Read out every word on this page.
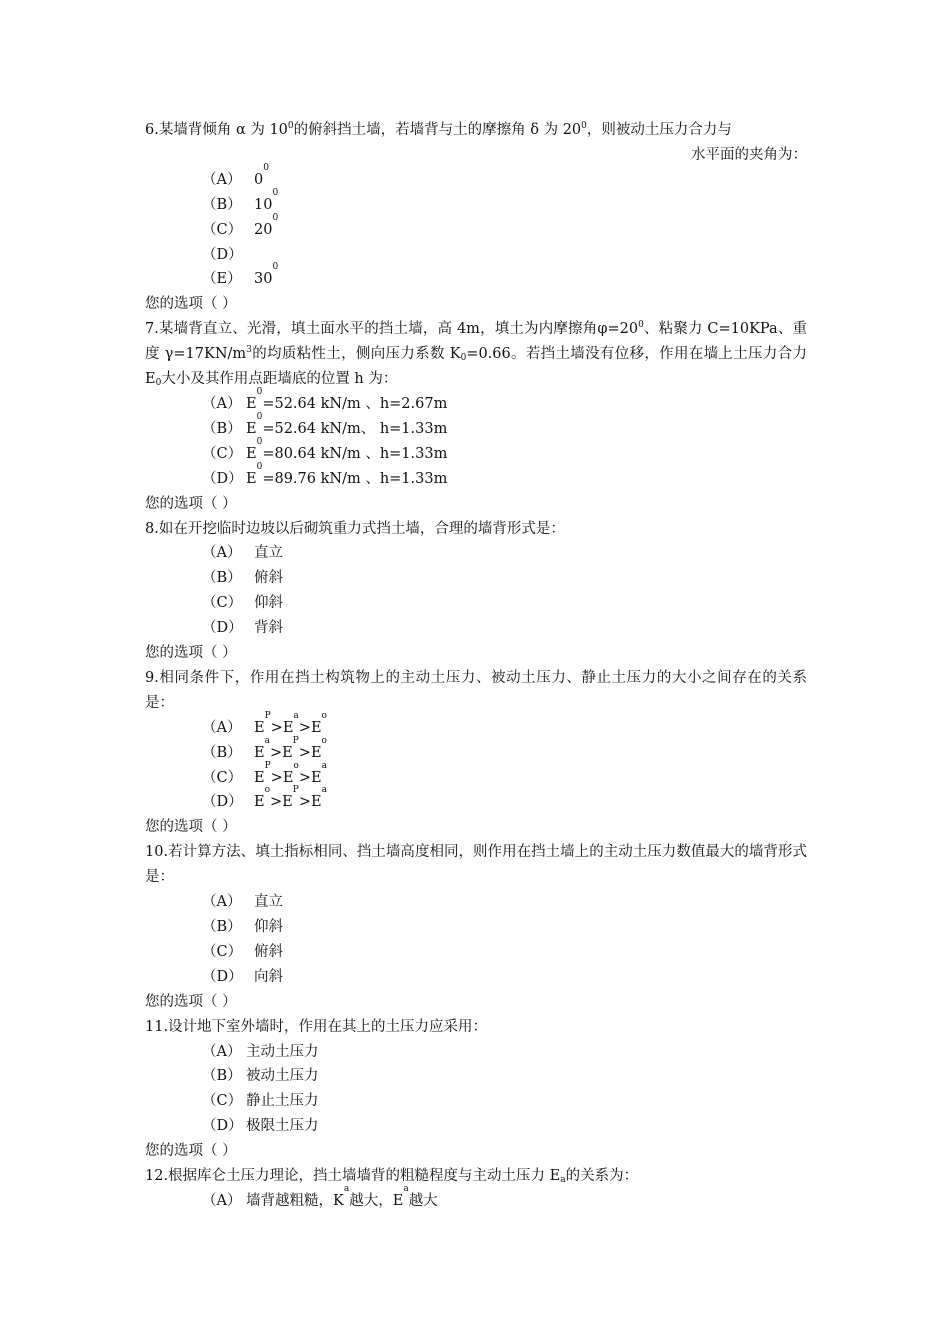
6.某墙背倾角 α 为 $10^0$的俯斜挡土墙，若墙背与土的摩擦角 δ 为 $20^0$，则被动土压力合力与

水平面的夹角为：

（A） 0
0
（B） 10
0
（C） 20
0
（D）
（E） 30
0

您的选项（ ）

7.某墙背直立、光滑，填土面水平的挡土墙，高 4m，填土为内摩擦角$\varphi=20^0$、粘聚力 C=10KPa、重度 $\gamma=17KN/m^3$的均质粘性土，侧向压力系数 $K_0=0.66$。若挡土墙没有位移，作用在墙上土压力合力 $E_0$大小及其作用点距墙底的位置 h 为：

（A） E
0
=52.64 kN/m 、h=2.67m
（B） E
0
=52.64 kN/m、 h=1.33m
（C） E
0
=80.64 kN/m 、h=1.33m
（D） E
0
=89.76 kN/m 、h=1.33m

您的选项（ ）

8.如在开挖临时边坡以后砌筑重力式挡土墙，合理的墙背形式是：

（A） 直立
（B） 俯斜
（C） 仰斜
（D） 背斜

您的选项（ ）

9.相同条件下，作用在挡土构筑物上的主动土压力、被动土压力、静止土压力的大小之间存在的关系是：

（A） E
P
> E
a
> E
o
（B） E
a
> E
P
> E
o
（C） E
P
> E
o
> E
a
（D） E
o
> E
P
> E
a

您的选项（ ）

10.若计算方法、填土指标相同、挡土墙高度相同，则作用在挡土墙上的主动土压力数值最大的墙背形式是：

（A） 直立
（B） 仰斜
（C） 俯斜
（D） 向斜

您的选项（ ）

11.设计地下室外墙时，作用在其上的土压力应采用：

（A） 主动土压力
（B） 被动土压力
（C） 静止土压力
（D） 极限土压力

您的选项（ ）

12.根据库仑土压力理论，挡土墙墙背的粗糙程度与主动土压力 $E_a$的关系为：

（A） 墙背越粗糙，K
a
越大，E
a
越大
